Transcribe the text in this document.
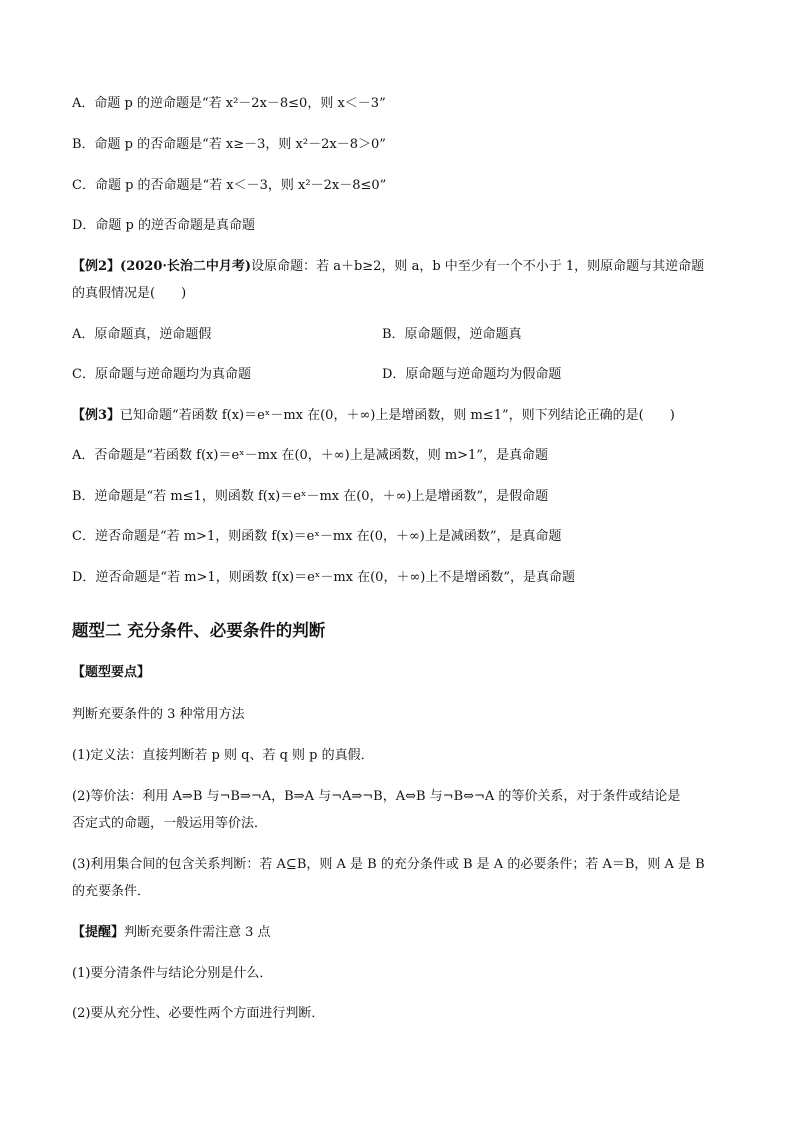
A．命题 p 的逆命题是“若 x²－2x－8≤0，则 x＜－3”
B．命题 p 的否命题是“若 x≥－3，则 x²－2x－8＞0”
C．命题 p 的否命题是“若 x＜－3，则 x²－2x－8≤0”
D．命题 p 的逆否命题是真命题
【例2】(2020·长治二中月考)设原命题：若 a＋b≥2，则 a，b 中至少有一个不小于 1，则原命题与其逆命题
的真假情况是(　　)
A．原命题真，逆命题假	B．原命题假，逆命题真
C．原命题与逆命题均为真命题	D．原命题与逆命题均为假命题
【例3】已知命题“若函数 f(x)＝eˣ－mx 在(0，＋∞)上是增函数，则 m≤1”，则下列结论正确的是(　　)
A．否命题是“若函数 f(x)＝eˣ－mx 在(0，＋∞)上是减函数，则 m>1”，是真命题
B．逆命题是“若 m≤1，则函数 f(x)＝eˣ－mx 在(0，＋∞)上是增函数”，是假命题
C．逆否命题是“若 m>1，则函数 f(x)＝eˣ－mx 在(0，＋∞)上是减函数”，是真命题
D．逆否命题是“若 m>1，则函数 f(x)＝eˣ－mx 在(0，＋∞)上不是增函数”，是真命题
题型二 充分条件、必要条件的判断
【题型要点】
判断充要条件的 3 种常用方法
(1)定义法：直接判断若 p 则 q、若 q 则 p 的真假．
(2)等价法：利用 A⇒B 与¬B⇒¬A，B⇒A 与¬A⇒¬B，A⇔B 与¬B⇔¬A 的等价关系，对于条件或结论是
否定式的命题，一般运用等价法．
(3)利用集合间的包含关系判断：若 A⊆B，则 A 是 B 的充分条件或 B 是 A 的必要条件；若 A＝B，则 A 是 B
的充要条件．
【提醒】判断充要条件需注意 3 点
(1)要分清条件与结论分别是什么．
(2)要从充分性、必要性两个方面进行判断．
